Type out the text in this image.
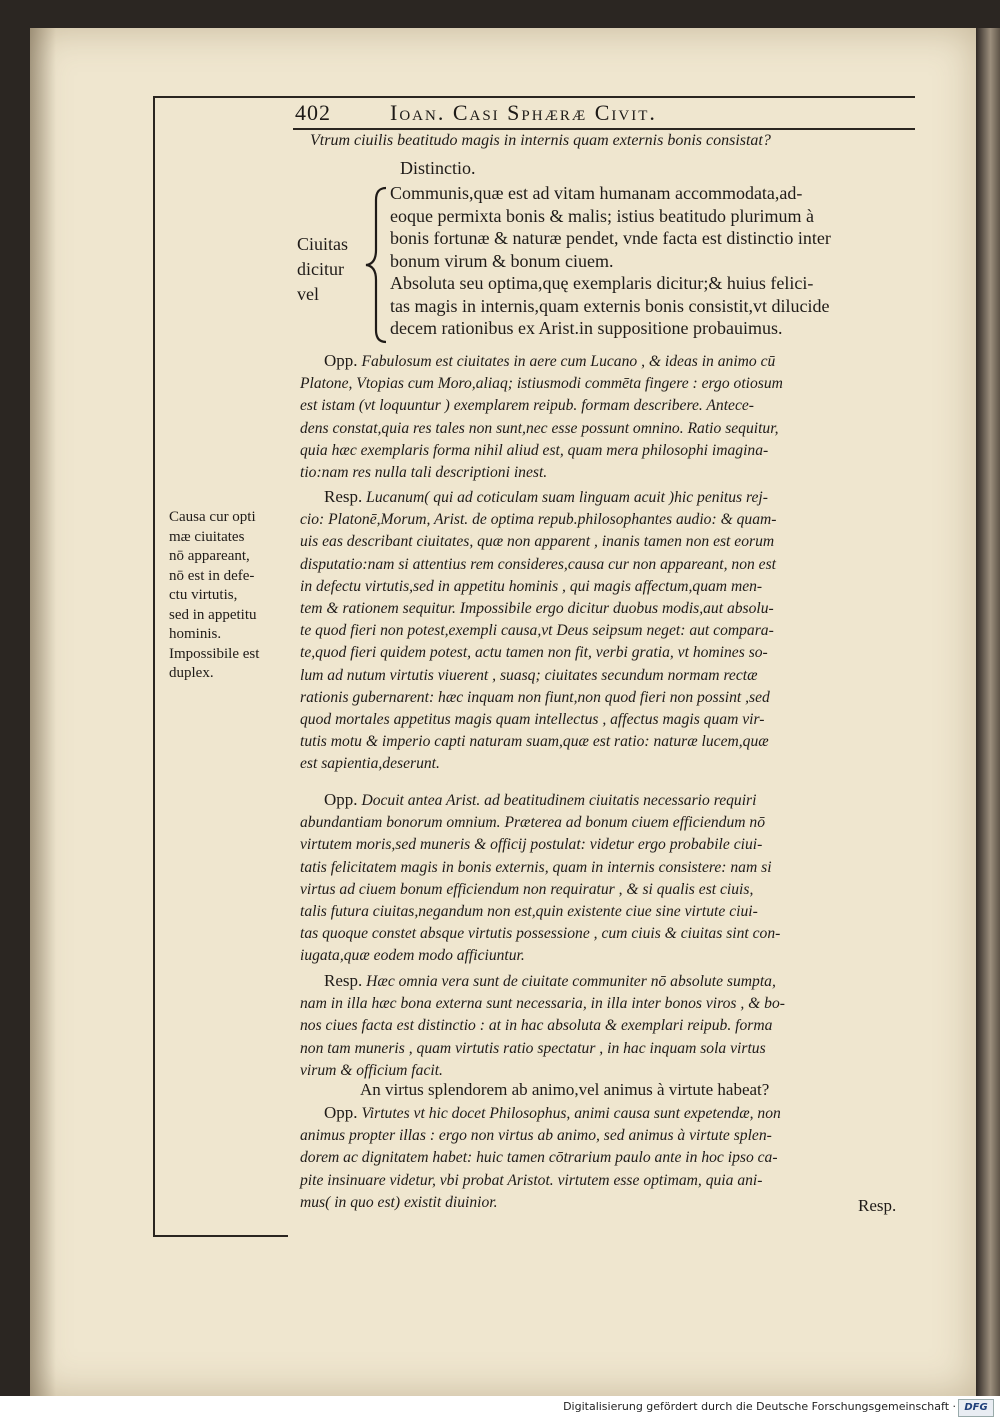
402	Ioan. Casi Sphæræ Civit.
Vtrum ciuilis beatitudo magis in internis quam externis bonis consistat?
Distinctio.
Ciuitas
dicitur
vel
Communis,quæ est ad vitam humanam accommodata,ad-
eoque permixta bonis & malis; istius beatitudo plurimum à
bonis fortunæ & naturæ pendet, vnde facta est distinctio inter
bonum virum & bonum ciuem.
Absoluta seu optima,quę exemplaris dicitur;& huius felici-
tas magis in internis,quam externis bonis consistit,vt dilucide
decem rationibus ex Arist.in suppositione probauimus.
Causa cur opti
mæ ciuitates
nō appareant,
nō est in defe-
ctu virtutis,
sed in appetitu
hominis.
Impossibile est
duplex.
Opp. Fabulosum est ciuitates in aere cum Lucano , & ideas in animo cū
Platone, Vtopias cum Moro,aliaq; istiusmodi commēta fingere : ergo otiosum
est istam (vt loquuntur ) exemplarem reipub. formam describere. Antece-
dens constat,quia res tales non sunt,nec esse possunt omnino. Ratio sequitur,
quia hæc exemplaris forma nihil aliud est, quam mera philosophi imagina-
tio:nam res nulla tali descriptioni inest.
Resp. Lucanum( qui ad coticulam suam linguam acuit )hic penitus rej-
cio: Platonē,Morum, Arist. de optima repub.philosophantes audio: & quam-
uis eas describant ciuitates, quæ non apparent , inanis tamen non est eorum
disputatio:nam si attentius rem consideres,causa cur non appareant, non est
in defectu virtutis,sed in appetitu hominis , qui magis affectum,quam men-
tem & rationem sequitur. Impossibile ergo dicitur duobus modis,aut absolu-
te quod fieri non potest,exempli causa,vt Deus seipsum neget: aut compara-
te,quod fieri quidem potest, actu tamen non fit, verbi gratia, vt homines so-
lum ad nutum virtutis viuerent , suasq; ciuitates secundum normam rectæ
rationis gubernarent: hæc inquam non fiunt,non quod fieri non possint ,sed
quod mortales appetitus magis quam intellectus , affectus magis quam vir-
tutis motu & imperio capti naturam suam,quæ est ratio: naturæ lucem,quæ
est sapientia,deserunt.
Opp. Docuit antea Arist. ad beatitudinem ciuitatis necessario requiri
abundantiam bonorum omnium. Præterea ad bonum ciuem efficiendum nō
virtutem moris,sed muneris & officij postulat: videtur ergo probabile ciui-
tatis felicitatem magis in bonis externis, quam in internis consistere: nam si
virtus ad ciuem bonum efficiendum non requiratur , & si qualis est ciuis,
talis futura ciuitas,negandum non est,quin existente ciue sine virtute ciui-
tas quoque constet absque virtutis possessione , cum ciuis & ciuitas sint con-
iugata,quæ eodem modo afficiuntur.
Resp. Hæc omnia vera sunt de ciuitate communiter nō absolute sumpta,
nam in illa hæc bona externa sunt necessaria, in illa inter bonos viros , & bo-
nos ciues facta est distinctio : at in hac absoluta & exemplari reipub. forma
non tam muneris , quam virtutis ratio spectatur , in hac inquam sola virtus
virum & officium facit.
An virtus splendorem ab animo,vel animus à virtute habeat?
Opp. Virtutes vt hic docet Philosophus, animi causa sunt expetendæ, non
animus propter illas : ergo non virtus ab animo, sed animus à virtute splen-
dorem ac dignitatem habet: huic tamen cōtrarium paulo ante in hoc ipso ca-
pite insinuare videtur, vbi probat Aristot. virtutem esse optimam, quia ani-
mus( in quo est) existit diuinior.	Resp.
Digitalisierung gefördert durch die Deutsche Forschungsgemeinschaft · DFG
